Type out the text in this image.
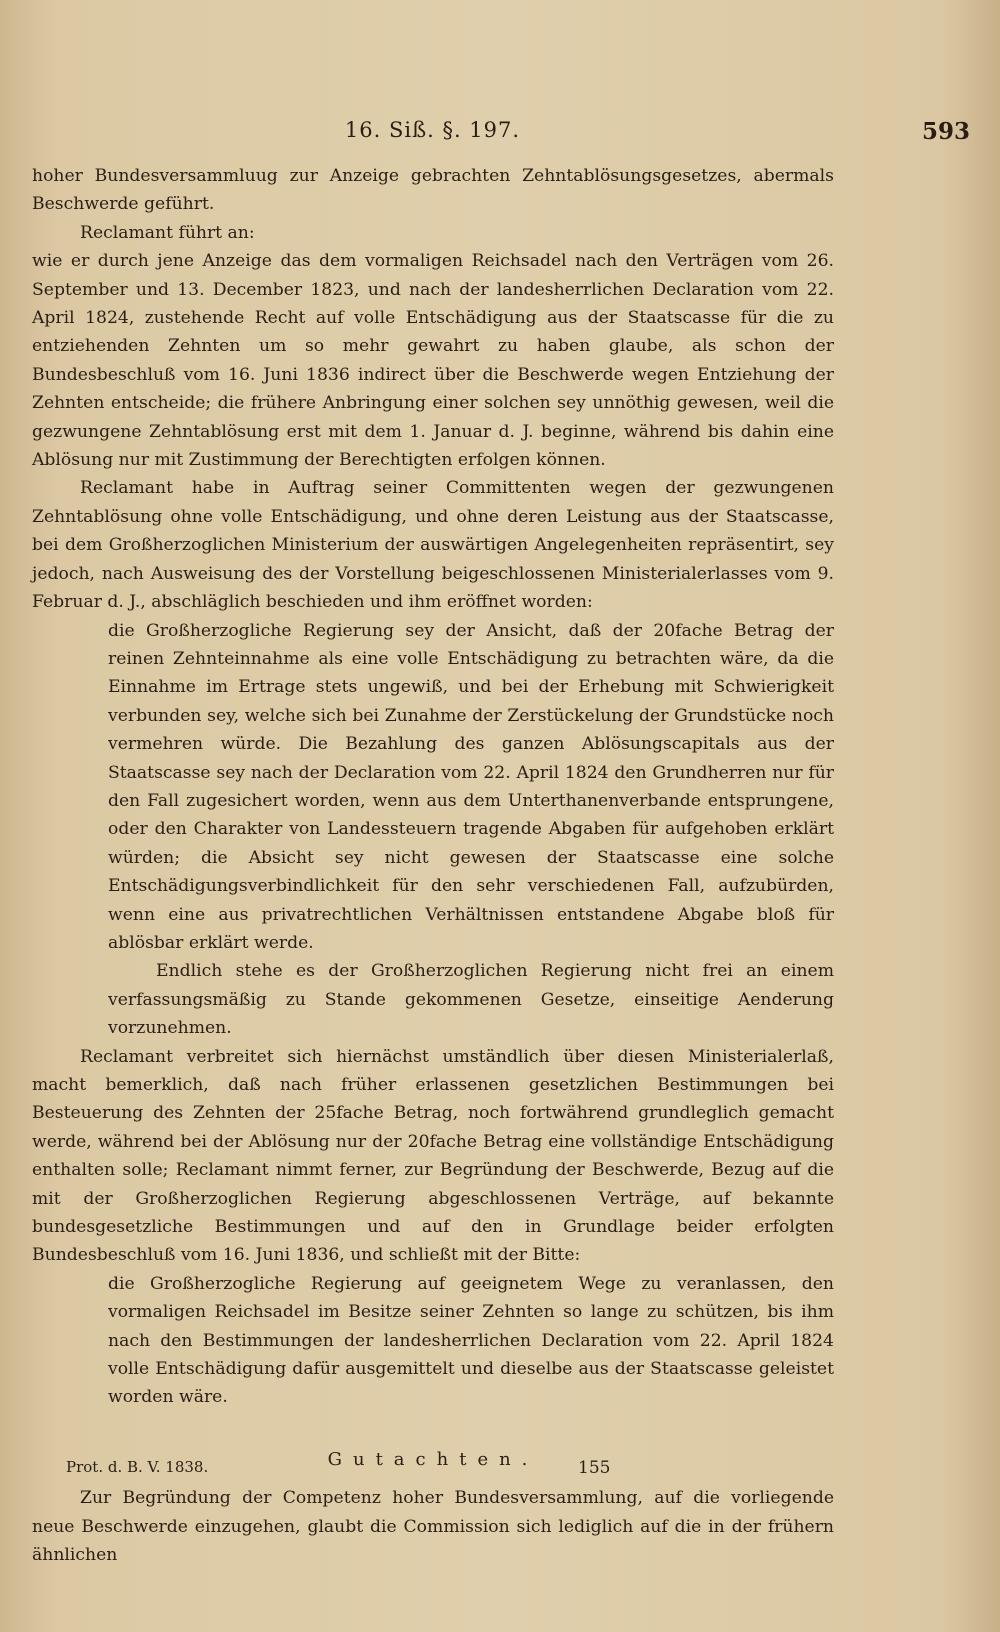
16. Siß. §. 197.	593

hoher Bundesversammluug zur Anzeige gebrachten Zehntablösungsgesetzes, abermals Beschwerde geführt.

Reclamant führt an:

wie er durch jene Anzeige das dem vormaligen Reichsadel nach den Verträgen vom 26. September und 13. December 1823, und nach der landesherrlichen Declaration vom 22. April 1824, zustehende Recht auf volle Entschädigung aus der Staatscasse für die zu entziehenden Zehnten um so mehr gewahrt zu haben glaube, als schon der Bundesbeschluß vom 16. Juni 1836 indirect über die Beschwerde wegen Entziehung der Zehnten entscheide; die frühere Anbringung einer solchen sey unnöthig gewesen, weil die gezwungene Zehntablösung erst mit dem 1. Januar d. J. beginne, während bis dahin eine Ablösung nur mit Zustimmung der Berechtigten erfolgen können.

Reclamant habe in Auftrag seiner Committenten wegen der gezwungenen Zehntablösung ohne volle Entschädigung, und ohne deren Leistung aus der Staatscasse, bei dem Großherzoglichen Ministerium der auswärtigen Angelegenheiten repräsentirt, sey jedoch, nach Ausweisung des der Vorstellung beigeschlossenen Ministerialerlasses vom 9. Februar d. J., abschläglich beschieden und ihm eröffnet worden:

die Großherzogliche Regierung sey der Ansicht, daß der 20fache Betrag der reinen Zehnteinnahme als eine volle Entschädigung zu betrachten wäre, da die Einnahme im Ertrage stets ungewiß, und bei der Erhebung mit Schwierigkeit verbunden sey, welche sich bei Zunahme der Zerstückelung der Grundstücke noch vermehren würde. Die Bezahlung des ganzen Ablösungscapitals aus der Staatscasse sey nach der Declaration vom 22. April 1824 den Grundherren nur für den Fall zugesichert worden, wenn aus dem Unterthanenverbande entsprungene, oder den Charakter von Landessteuern tragende Abgaben für aufgehoben erklärt würden; die Absicht sey nicht gewesen der Staatscasse eine solche Entschädigungsverbindlichkeit für den sehr verschiedenen Fall, aufzubürden, wenn eine aus privatrechtlichen Verhältnissen entstandene Abgabe bloß für ablösbar erklärt werde.

Endlich stehe es der Großherzoglichen Regierung nicht frei an einem verfassungsmäßig zu Stande gekommenen Gesetze, einseitige Aenderung vorzunehmen.

Reclamant verbreitet sich hiernächst umständlich über diesen Ministerialerlaß, macht bemerklich, daß nach früher erlassenen gesetzlichen Bestimmungen bei Besteuerung des Zehnten der 25fache Betrag, noch fortwährend grundleglich gemacht werde, während bei der Ablösung nur der 20fache Betrag eine vollständige Entschädigung enthalten solle; Reclamant nimmt ferner, zur Begründung der Beschwerde, Bezug auf die mit der Großherzoglichen Regierung abgeschlossenen Verträge, auf bekannte bundesgesetzliche Bestimmungen und auf den in Grundlage beider erfolgten Bundesbeschluß vom 16. Juni 1836, und schließt mit der Bitte:

die Großherzogliche Regierung auf geeignetem Wege zu veranlassen, den vormaligen Reichsadel im Besitze seiner Zehnten so lange zu schützen, bis ihm nach den Bestimmungen der landesherrlichen Declaration vom 22. April 1824 volle Entschädigung dafür ausgemittelt und dieselbe aus der Staatscasse geleistet worden wäre.

Gutachten.

Zur Begründung der Competenz hoher Bundesversammlung, auf die vorliegende neue Beschwerde einzugehen, glaubt die Commission sich lediglich auf die in der frühern ähnlichen

Prot. d. B. V. 1838.	155
